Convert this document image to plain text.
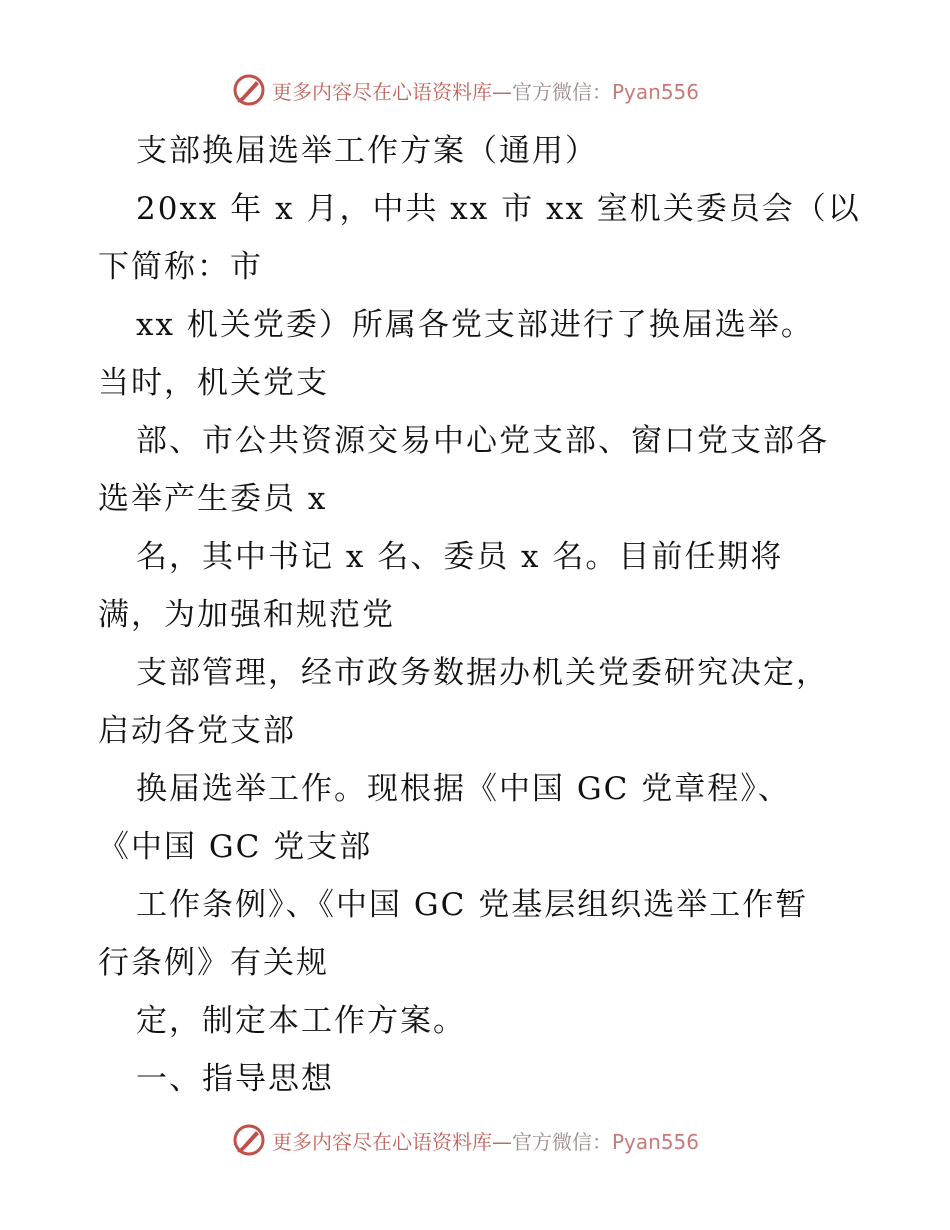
更多内容尽在心语资料库—官方微信：Pyan556
支部换届选举工作方案（通用）
20xx 年 x 月，中共 xx 市 xx 室机关委员会（以
下简称：市
xx 机关党委）所属各党支部进行了换届选举。
当时，机关党支
部、市公共资源交易中心党支部、窗口党支部各
选举产生委员 x
名，其中书记 x 名、委员 x 名。目前任期将
满，为加强和规范党
支部管理，经市政务数据办机关党委研究决定，
启动各党支部
换届选举工作。现根据《中国 GC 党章程》、
《中国 GC 党支部
工作条例》、《中国 GC 党基层组织选举工作暂
行条例》有关规
定，制定本工作方案。
一、指导思想
更多内容尽在心语资料库—官方微信：Pyan556
